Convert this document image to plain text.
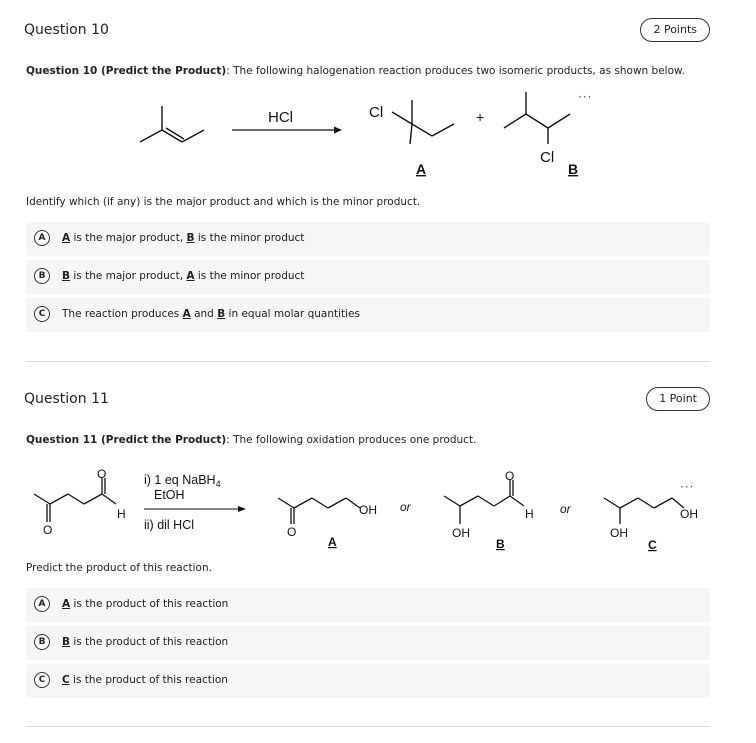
Question 10	2 Points
Question 10 (Predict the Product): The following halogenation reaction produces two isomeric products, as shown below.
···
HCl	Cl
A
+
Cl
B
Identify which (if any) is the major product and which is the minor product.
A	A is the major product, B is the minor product
B	B is the major product, A is the minor product
C	The reaction produces A and B in equal molar quantities
Question 11	1 Point
Question 11 (Predict the Product): The following oxidation produces one product.
···
O
O
H
i) 1 eq NaBH$_4$
EtOH
ii) dil HCl	O
OH
A
or
O
OH
H
B
or
OH
OH
C
Predict the product of this reaction.
A	A is the product of this reaction
B	B is the product of this reaction
C	C is the product of this reaction
